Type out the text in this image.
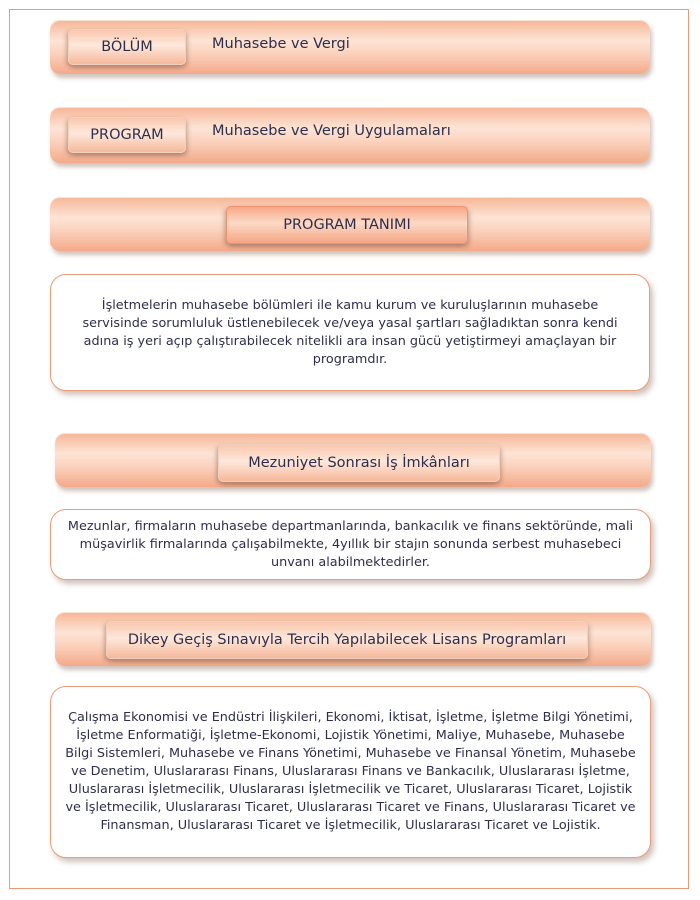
BÖLÜM	Muhasebe ve Vergi
PROGRAM	Muhasebe ve Vergi Uygulamaları
PROGRAM TANIMI

İşletmelerin muhasebe bölümleri ile kamu kurum ve kuruluşlarının muhasebe servisinde sorumluluk üstlenebilecek ve/veya yasal şartları sağladıktan sonra kendi adına iş yeri açıp çalıştırabilecek nitelikli ara insan gücü yetiştirmeyi amaçlayan bir programdır.

Mezuniyet Sonrası İş İmkânları

Mezunlar, firmaların muhasebe departmanlarında, bankacılık ve finans sektöründe, mali müşavirlik firmalarında çalışabilmekte, 4yıllık bir stajın sonunda serbest muhasebeci unvanı alabilmektedirler.

Dikey Geçiş Sınavıyla Tercih Yapılabilecek Lisans Programları

Çalışma Ekonomisi ve Endüstri İlişkileri, Ekonomi, İktisat, İşletme, İşletme Bilgi Yönetimi, İşletme Enformatiği, İşletme-Ekonomi, Lojistik Yönetimi, Maliye, Muhasebe, Muhasebe Bilgi Sistemleri, Muhasebe ve Finans Yönetimi, Muhasebe ve Finansal Yönetim, Muhasebe ve Denetim, Uluslararası Finans, Uluslararası Finans ve Bankacılık, Uluslararası İşletme, Uluslararası İşletmecilik, Uluslararası İşletmecilik ve Ticaret, Uluslararası Ticaret, Lojistik ve İşletmecilik, Uluslararası Ticaret, Uluslararası Ticaret ve Finans, Uluslararası Ticaret ve Finansman, Uluslararası Ticaret ve İşletmecilik, Uluslararası Ticaret ve Lojistik.
